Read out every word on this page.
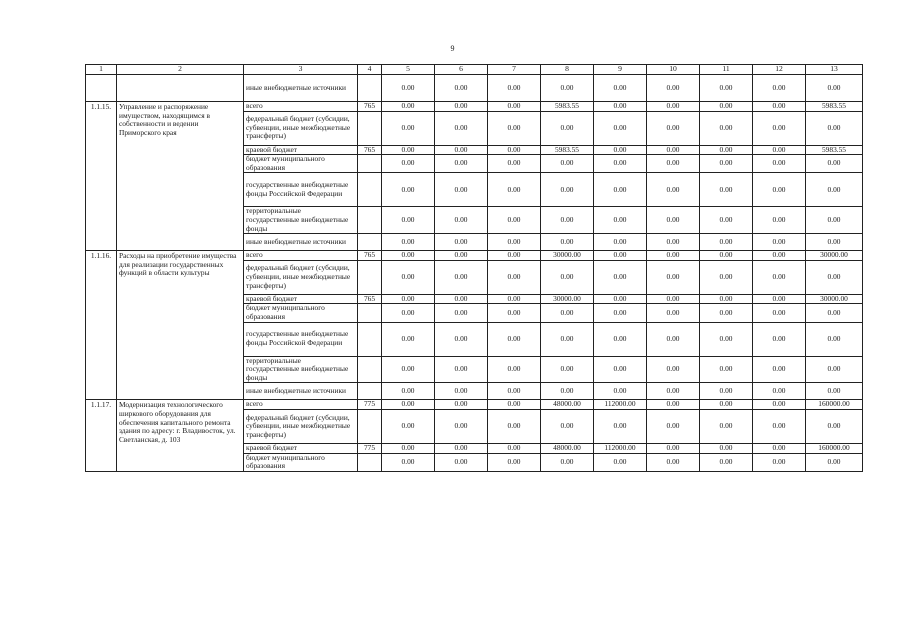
9
1	2	3	4	5	6	7	8	9	10	11	12	13
		иные внебюджетные источники		0.00	0.00	0.00	0.00	0.00	0.00	0.00	0.00	0.00
1.1.15.	Управление и распоряжение имуществом, находящимся в собственности и ведении Приморского края	всего	765	0.00	0.00	0.00	5983.55	0.00	0.00	0.00	0.00	5983.55
		федеральный бюджет (субсидии, субвенции, иные межбюджетные трансферты)		0.00	0.00	0.00	0.00	0.00	0.00	0.00	0.00	0.00
		краевой бюджет	765	0.00	0.00	0.00	5983.55	0.00	0.00	0.00	0.00	5983.55
		бюджет муниципального образования		0.00	0.00	0.00	0.00	0.00	0.00	0.00	0.00	0.00
		государственные внебюджетные фонды Российской Федерации		0.00	0.00	0.00	0.00	0.00	0.00	0.00	0.00	0.00
		территориальные государственные внебюджетные фонды		0.00	0.00	0.00	0.00	0.00	0.00	0.00	0.00	0.00
		иные внебюджетные источники		0.00	0.00	0.00	0.00	0.00	0.00	0.00	0.00	0.00
1.1.16.	Расходы на приобретение имущества для реализации государственных функций в области культуры	всего	765	0.00	0.00	0.00	30000.00	0.00	0.00	0.00	0.00	30000.00
		федеральный бюджет (субсидии, субвенции, иные межбюджетные трансферты)		0.00	0.00	0.00	0.00	0.00	0.00	0.00	0.00	0.00
		краевой бюджет	765	0.00	0.00	0.00	30000.00	0.00	0.00	0.00	0.00	30000.00
		бюджет муниципального образования		0.00	0.00	0.00	0.00	0.00	0.00	0.00	0.00	0.00
		государственные внебюджетные фонды Российской Федерации		0.00	0.00	0.00	0.00	0.00	0.00	0.00	0.00	0.00
		территориальные государственные внебюджетные фонды		0.00	0.00	0.00	0.00	0.00	0.00	0.00	0.00	0.00
		иные внебюджетные источники		0.00	0.00	0.00	0.00	0.00	0.00	0.00	0.00	0.00
1.1.17.	Модернизация технологического ширкового оборудования для обеспечения капитального ремонта здания по адресу: г. Владивосток, ул. Светланская, д. 103	всего	775	0.00	0.00	0.00	48000.00	112000.00	0.00	0.00	0.00	160000.00
		федеральный бюджет (субсидии, субвенции, иные межбюджетные трансферты)		0.00	0.00	0.00	0.00	0.00	0.00	0.00	0.00	0.00
		краевой бюджет	775	0.00	0.00	0.00	48000.00	112000.00	0.00	0.00	0.00	160000.00
		бюджет муниципального образования		0.00	0.00	0.00	0.00	0.00	0.00	0.00	0.00	0.00
